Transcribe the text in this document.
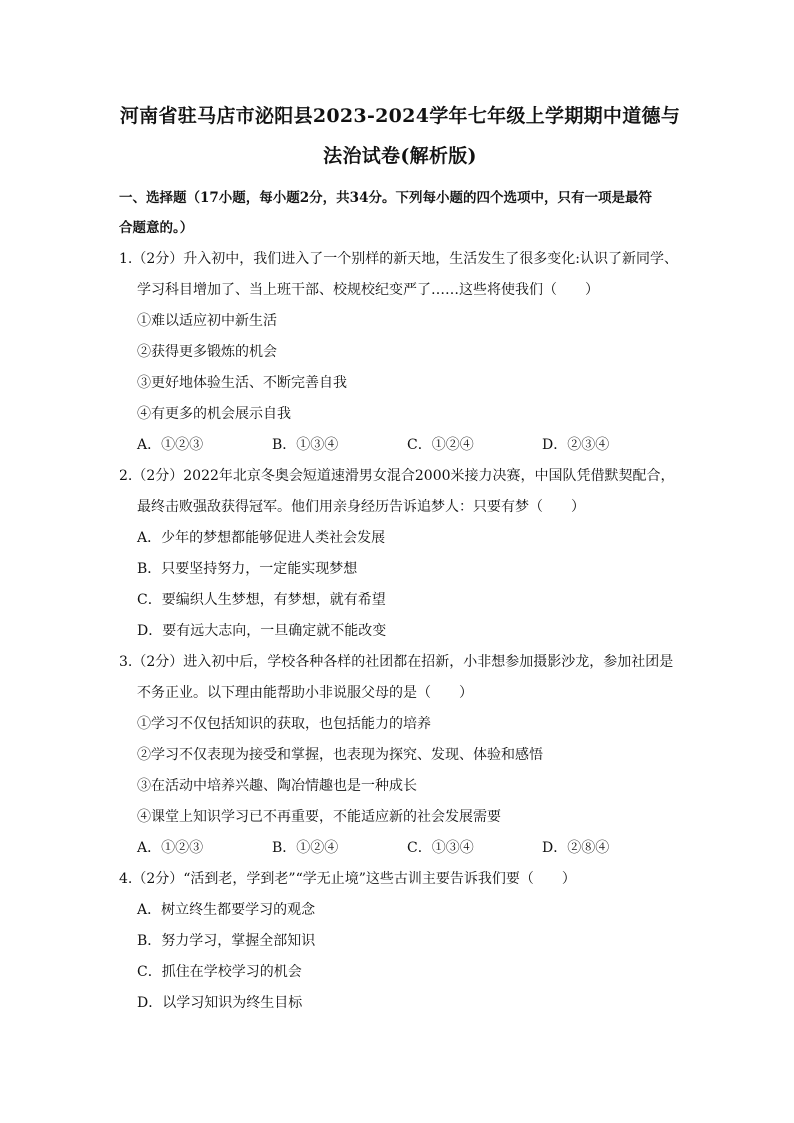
河南省驻马店市泌阳县2023-2024学年七年级上学期期中道德与
法治试卷(解析版)
一、选择题（17小题，每小题2分，共34分。下列每小题的四个选项中，只有一项是最符
合题意的。）
1.（2分）升入初中，我们进入了一个别样的新天地，生活发生了很多变化:认识了新同学、
学习科目增加了、当上班干部、校规校纪变严了……这些将使我们（　　）
①难以适应初中新生活
②获得更多锻炼的机会
③更好地体验生活、不断完善自我
④有更多的机会展示自我
A．①②③	B．①③④	C．①②④	D．②③④
2.（2分）2022年北京冬奥会短道速滑男女混合2000米接力决赛，中国队凭借默契配合，
最终击败强敌获得冠军。他们用亲身经历告诉追梦人：只要有梦（　　）
A．少年的梦想都能够促进人类社会发展
B．只要坚持努力，一定能实现梦想
C．要编织人生梦想，有梦想，就有希望
D．要有远大志向，一旦确定就不能改变
3.（2分）进入初中后，学校各种各样的社团都在招新，小非想参加摄影沙龙，参加社团是
不务正业。以下理由能帮助小非说服父母的是（　　）
①学习不仅包括知识的获取，也包括能力的培养
②学习不仅表现为接受和掌握，也表现为探究、发现、体验和感悟
③在活动中培养兴趣、陶冶情趣也是一种成长
④课堂上知识学习已不再重要，不能适应新的社会发展需要
A．①②③	B．①②④	C．①③④	D．②⑧④
4.（2分）“活到老，学到老”“学无止境”这些古训主要告诉我们要（　　）
A．树立终生都要学习的观念
B．努力学习，掌握全部知识
C．抓住在学校学习的机会
D．以学习知识为终生目标
